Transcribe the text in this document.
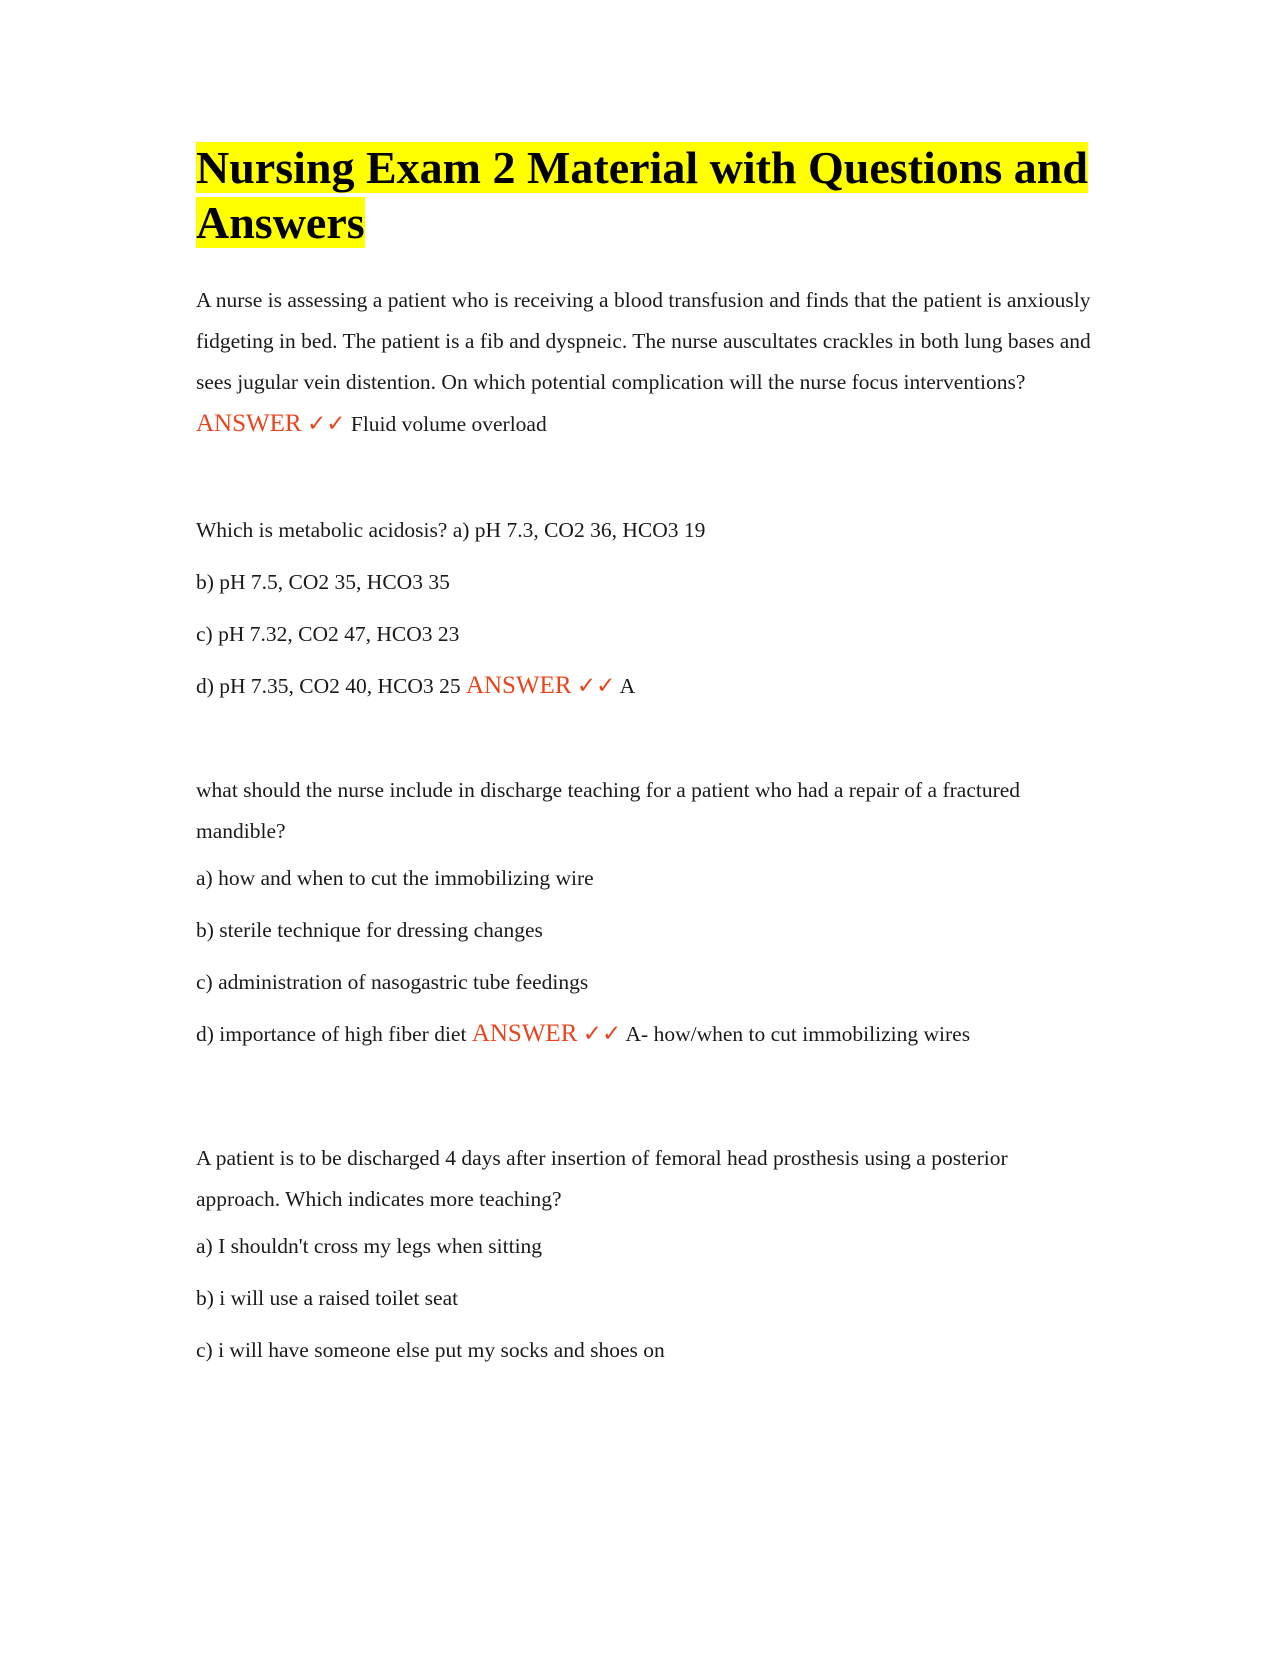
Nursing Exam 2 Material with Questions and Answers

A nurse is assessing a patient who is receiving a blood transfusion and finds that the patient is anxiously fidgeting in bed. The patient is a fib and dyspneic. The nurse auscultates crackles in both lung bases and sees jugular vein distention. On which potential complication will the nurse focus interventions? ANSWER ✓✓ Fluid volume overload

Which is metabolic acidosis? a) pH 7.3, CO2 36, HCO3 19

b) pH 7.5, CO2 35, HCO3 35

c) pH 7.32, CO2 47, HCO3 23

d) pH 7.35, CO2 40, HCO3 25 ANSWER ✓✓ A

what should the nurse include in discharge teaching for a patient who had a repair of a fractured mandible?

a) how and when to cut the immobilizing wire

b) sterile technique for dressing changes

c) administration of nasogastric tube feedings

d) importance of high fiber diet ANSWER ✓✓ A- how/when to cut immobilizing wires

A patient is to be discharged 4 days after insertion of femoral head prosthesis using a posterior approach. Which indicates more teaching?

a) I shouldn't cross my legs when sitting

b) i will use a raised toilet seat

c) i will have someone else put my socks and shoes on
